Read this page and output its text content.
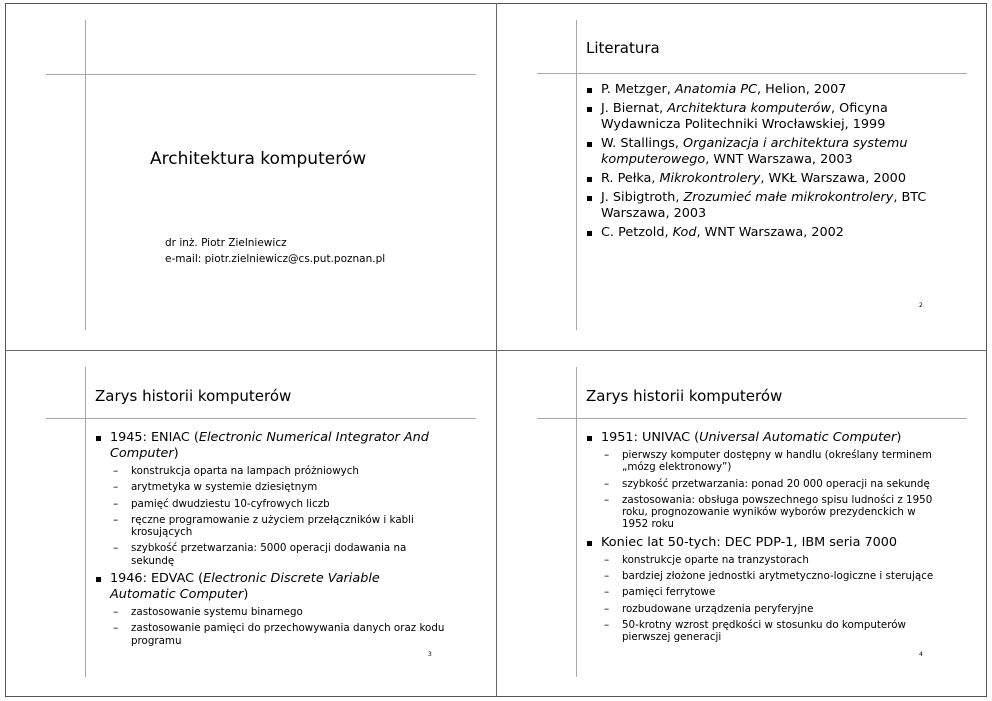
Architektura komputerów
dr inż. Piotr Zielniewicz
e-mail: piotr.zielniewicz@cs.put.poznan.pl
Literatura
P. Metzger, Anatomia PC, Helion, 2007
J. Biernat, Architektura komputerów, Oficyna Wydawnicza Politechniki Wrocławskiej, 1999
W. Stallings, Organizacja i architektura systemu komputerowego, WNT Warszawa, 2003
R. Pełka, Mikrokontrolery, WKŁ Warszawa, 2000
J. Sibigtroth, Zrozumieć małe mikrokontrolery, BTC Warszawa, 2003
C. Petzold, Kod, WNT Warszawa, 2002
2
Zarys historii komputerów
1945: ENIAC (Electronic Numerical Integrator And Computer)
– konstrukcja oparta na lampach próżniowych
– arytmetyka w systemie dziesiętnym
– pamięć dwudziestu 10-cyfrowych liczb
– ręczne programowanie z użyciem przełączników i kabli krosujących
– szybkość przetwarzania: 5000 operacji dodawania na sekundę
1946: EDVAC (Electronic Discrete Variable Automatic Computer)
– zastosowanie systemu binarnego
– zastosowanie pamięci do przechowywania danych oraz kodu programu
3
Zarys historii komputerów
1951: UNIVAC (Universal Automatic Computer)
– pierwszy komputer dostępny w handlu (określany terminem „mózg elektronowy”)
– szybkość przetwarzania: ponad 20 000 operacji na sekundę
– zastosowania: obsługa powszechnego spisu ludności z 1950 roku, prognozowanie wyników wyborów prezydenckich w 1952 roku
Koniec lat 50-tych: DEC PDP-1, IBM seria 7000
– konstrukcje oparte na tranzystorach
– bardziej złożone jednostki arytmetyczno-logiczne i sterujące
– pamięci ferrytowe
– rozbudowane urządzenia peryferyjne
– 50-krotny wzrost prędkości w stosunku do komputerów pierwszej generacji
4
